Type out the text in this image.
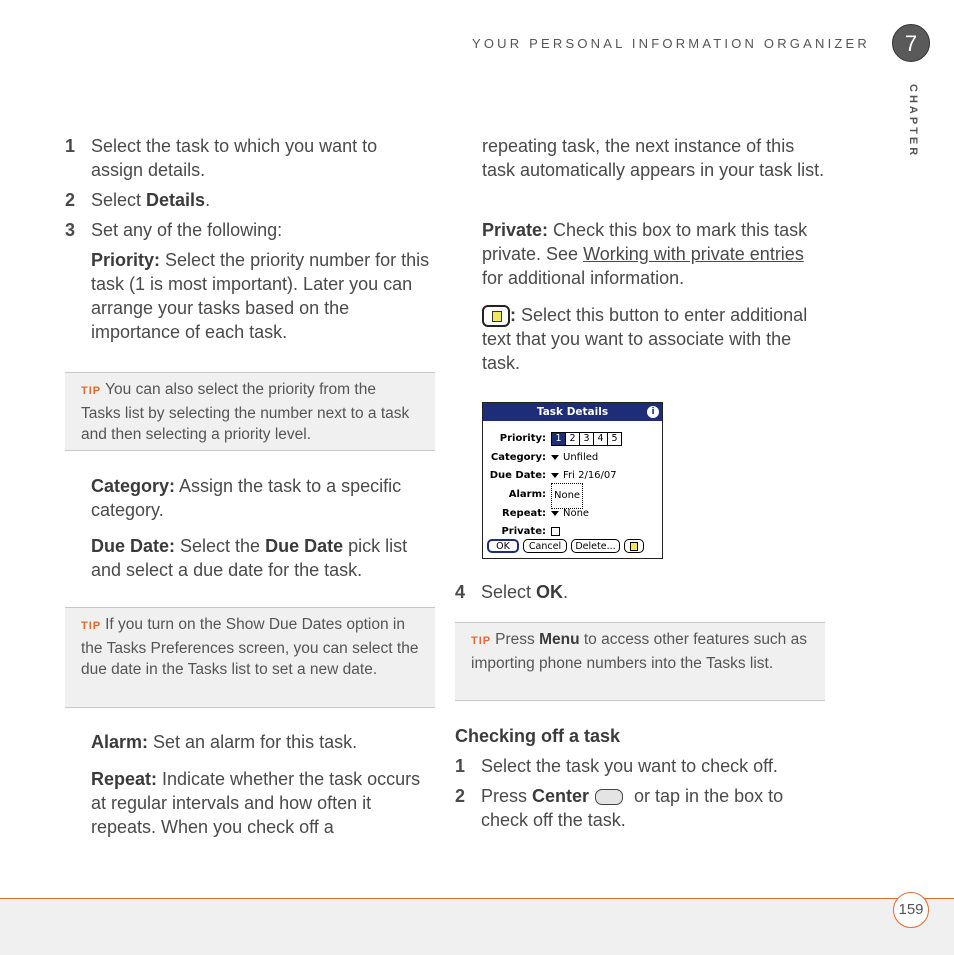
YOUR PERSONAL INFORMATION ORGANIZER	7
CHAPTER
1 Select the task to which you want to assign details.
2 Select Details.
3 Set any of the following:

Priority: Select the priority number for this task (1 is most important). Later you can arrange your tasks based on the importance of each task.

TIP You can also select the priority from the Tasks list by selecting the number next to a task and then selecting a priority level.

Category: Assign the task to a specific category.

Due Date: Select the Due Date pick list and select a due date for the task.

TIP If you turn on the Show Due Dates option in the Tasks Preferences screen, you can select the due date in the Tasks list to set a new date.

Alarm: Set an alarm for this task.

Repeat: Indicate whether the task occurs at regular intervals and how often it repeats. When you check off a

repeating task, the next instance of this task automatically appears in your task list.

Private: Check this box to mark this task private. See Working with private entries for additional information.

: Select this button to enter additional text that you want to associate with the task.

Task Details	i
Priority: 1 2 3 4 5
Category:	Unfiled
Due Date:	Fri 2/16/07
Alarm: None
Repeat:	None
Private:
OK	Cancel	Delete...
4 Select OK.
TIP Press Menu to access other features such as importing phone numbers into the Tasks list.
Checking off a task
1 Select the task you want to check off.
2 Press Center or tap in the box to check off the task.
159
